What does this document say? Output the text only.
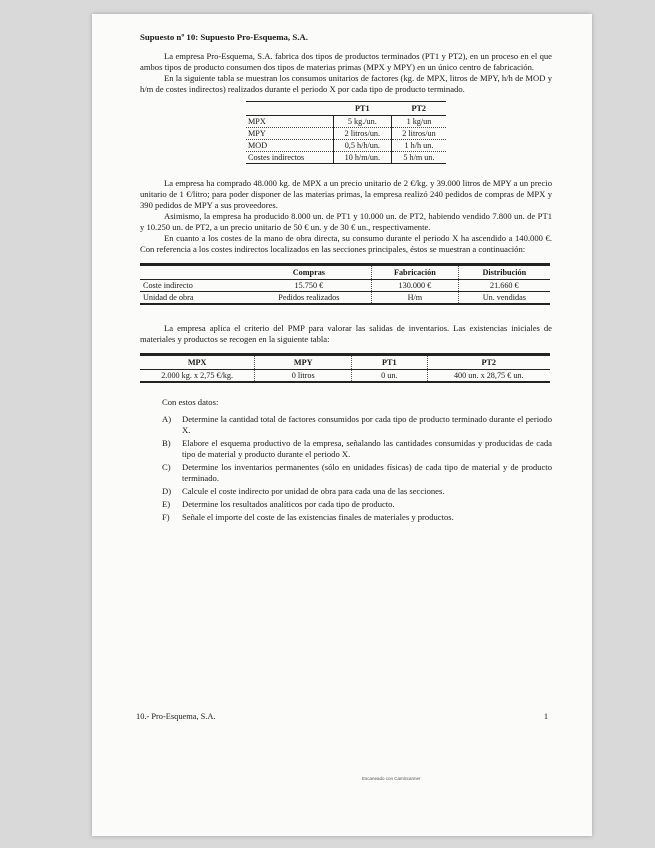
Supuesto nº 10: Supuesto Pro-Esquema, S.A.

La empresa Pro-Esquema, S.A. fabrica dos tipos de productos terminados (PT1 y PT2), en un proceso en el que ambos tipos de producto consumen dos tipos de materias primas (MPX y MPY) en un único centro de fabricación.

En la siguiente tabla se muestran los consumos unitarios de factores (kg. de MPX, litros de MPY, h/h de MOD y h/m de costes indirectos) realizados durante el periodo X por cada tipo de producto terminado.

	PT1	PT2
MPX	5 kg./un.	1 kg/un
MPY	2 litros/un.	2 litros/un
MOD	0,5 h/h/un.	1 h/h un.
Costes indirectos	10 h/m/un.	5 h/m un.

La empresa ha comprado 48.000 kg. de MPX a un precio unitario de 2 €/kg. y 39.000 litros de MPY a un precio unitario de 1 €/litro; para poder disponer de las materias primas, la empresa realizó 240 pedidos de compras de MPX y 390 pedidos de MPY a sus proveedores.

Asimismo, la empresa ha producido 8.000 un. de PT1 y 10.000 un. de PT2, habiendo vendido 7.800 un. de PT1 y 10.250 un. de PT2, a un precio unitario de 50 € un. y de 30 € un., respectivamente.

En cuanto a los costes de la mano de obra directa, su consumo durante el periodo X ha ascendido a 140.000 €. Con referencia a los costes indirectos localizados en las secciones principales, éstos se muestran a continuación:

	Compras	Fabricación	Distribución
Coste indirecto	15.750 €	130.000 €	21.660 €
Unidad de obra	Pedidos realizados	H/m	Un. vendidas

La empresa aplica el criterio del PMP para valorar las salidas de inventarios. Las existencias iniciales de materiales y productos se recogen en la siguiente tabla:

MPX	MPY	PT1	PT2
2.000 kg. x 2,75 €/kg.	0 litros	0 un.	400 un. x 28,75 € un.
Con estos datos:
A)	Determine la cantidad total de factores consumidos por cada tipo de producto terminado durante el periodo X.
B)	Elabore el esquema productivo de la empresa, señalando las cantidades consumidas y producidas de cada tipo de material y producto durante el periodo X.
C)	Determine los inventarios permanentes (sólo en unidades físicas) de cada tipo de material y de producto terminado.
D)	Calcule el coste indirecto por unidad de obra para cada una de las secciones.
E)	Determine los resultados analíticos por cada tipo de producto.
F)	Señale el importe del coste de las existencias finales de materiales y productos.
10.- Pro-Esquema, S.A.	1
Escaneado con CamScanner
